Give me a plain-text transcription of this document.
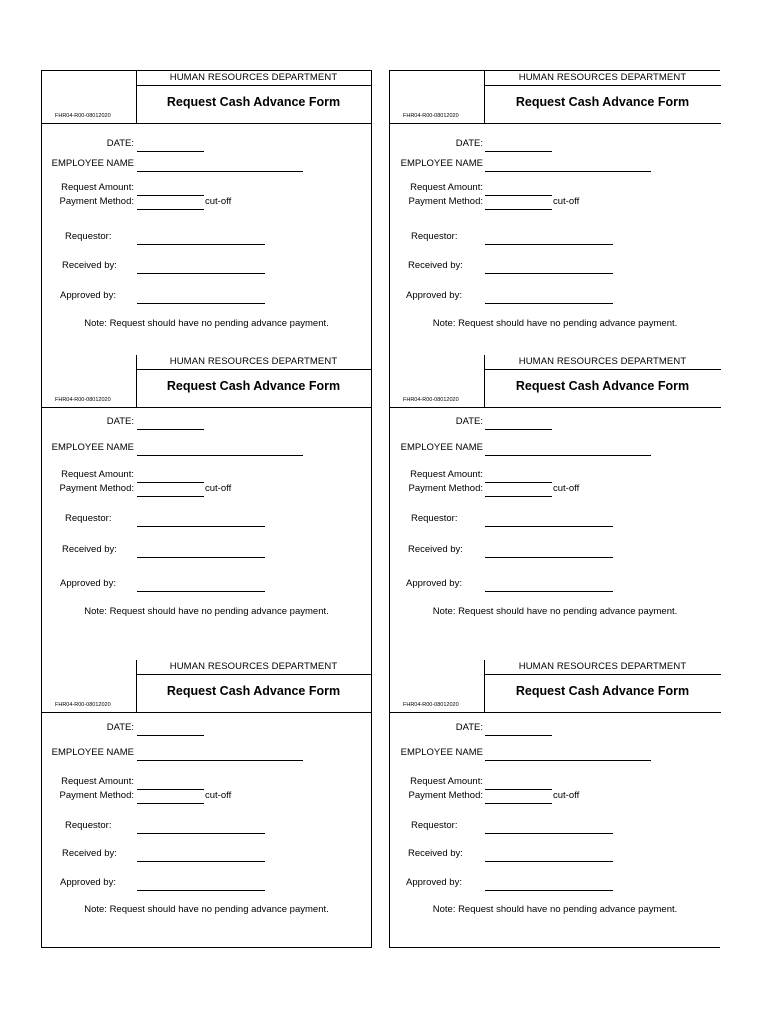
HUMAN RESOURCES DEPARTMENT
Request Cash Advance Form
FHR04-R00-08012020
DATE:
EMPLOYEE NAME
Request Amount:
Payment Method:	cut-off
Requestor:
Received by:
Approved by:
Note: Request should have no pending advance payment.
HUMAN RESOURCES DEPARTMENT
Request Cash Advance Form
FHR04-R00-08012020
DATE:
EMPLOYEE NAME
Request Amount:
Payment Method:	cut-off
Requestor:
Received by:
Approved by:
Note: Request should have no pending advance payment.
HUMAN RESOURCES DEPARTMENT
Request Cash Advance Form
FHR04-R00-08012020
DATE:
EMPLOYEE NAME
Request Amount:
Payment Method:	cut-off
Requestor:
Received by:
Approved by:
Note: Request should have no pending advance payment.
HUMAN RESOURCES DEPARTMENT
Request Cash Advance Form
FHR04-R00-08012020
DATE:
EMPLOYEE NAME
Request Amount:
Payment Method:	cut-off
Requestor:
Received by:
Approved by:
Note: Request should have no pending advance payment.
HUMAN RESOURCES DEPARTMENT
Request Cash Advance Form
FHR04-R00-08012020
DATE:
EMPLOYEE NAME
Request Amount:
Payment Method:	cut-off
Requestor:
Received by:
Approved by:
Note: Request should have no pending advance payment.
HUMAN RESOURCES DEPARTMENT
Request Cash Advance Form
FHR04-R00-08012020
DATE:
EMPLOYEE NAME
Request Amount:
Payment Method:	cut-off
Requestor:
Received by:
Approved by:
Note: Request should have no pending advance payment.
